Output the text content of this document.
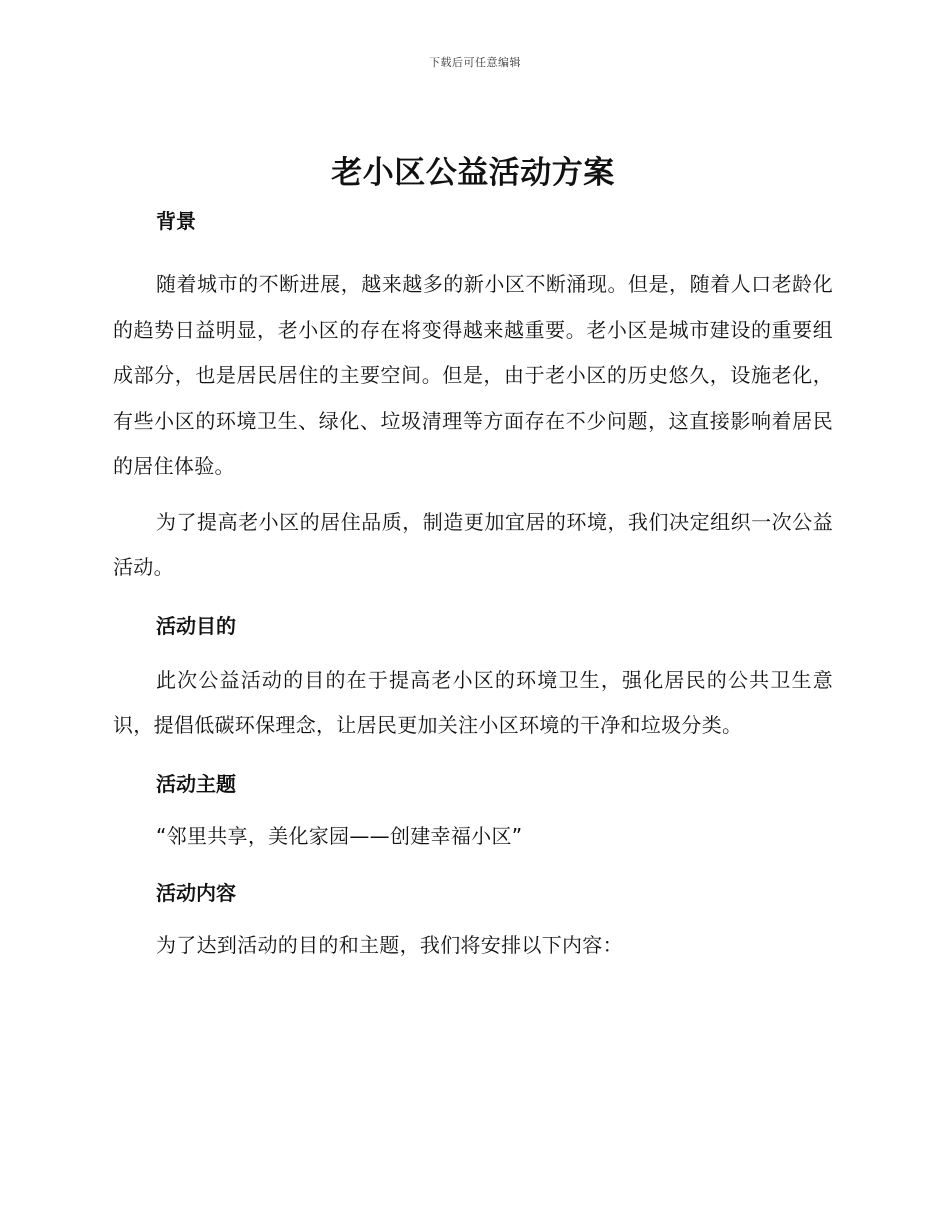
下载后可任意编辑
老小区公益活动方案
背景

随着城市的不断进展，越来越多的新小区不断涌现。但是，随着人口老龄化的趋势日益明显，老小区的存在将变得越来越重要。老小区是城市建设的重要组成部分，也是居民居住的主要空间。但是，由于老小区的历史悠久，设施老化，有些小区的环境卫生、绿化、垃圾清理等方面存在不少问题，这直接影响着居民的居住体验。

为了提高老小区的居住品质，制造更加宜居的环境，我们决定组织一次公益活动。

活动目的

此次公益活动的目的在于提高老小区的环境卫生，强化居民的公共卫生意识，提倡低碳环保理念，让居民更加关注小区环境的干净和垃圾分类。

活动主题

“邻里共享，美化家园——创建幸福小区”

活动内容

为了达到活动的目的和主题，我们将安排以下内容：
